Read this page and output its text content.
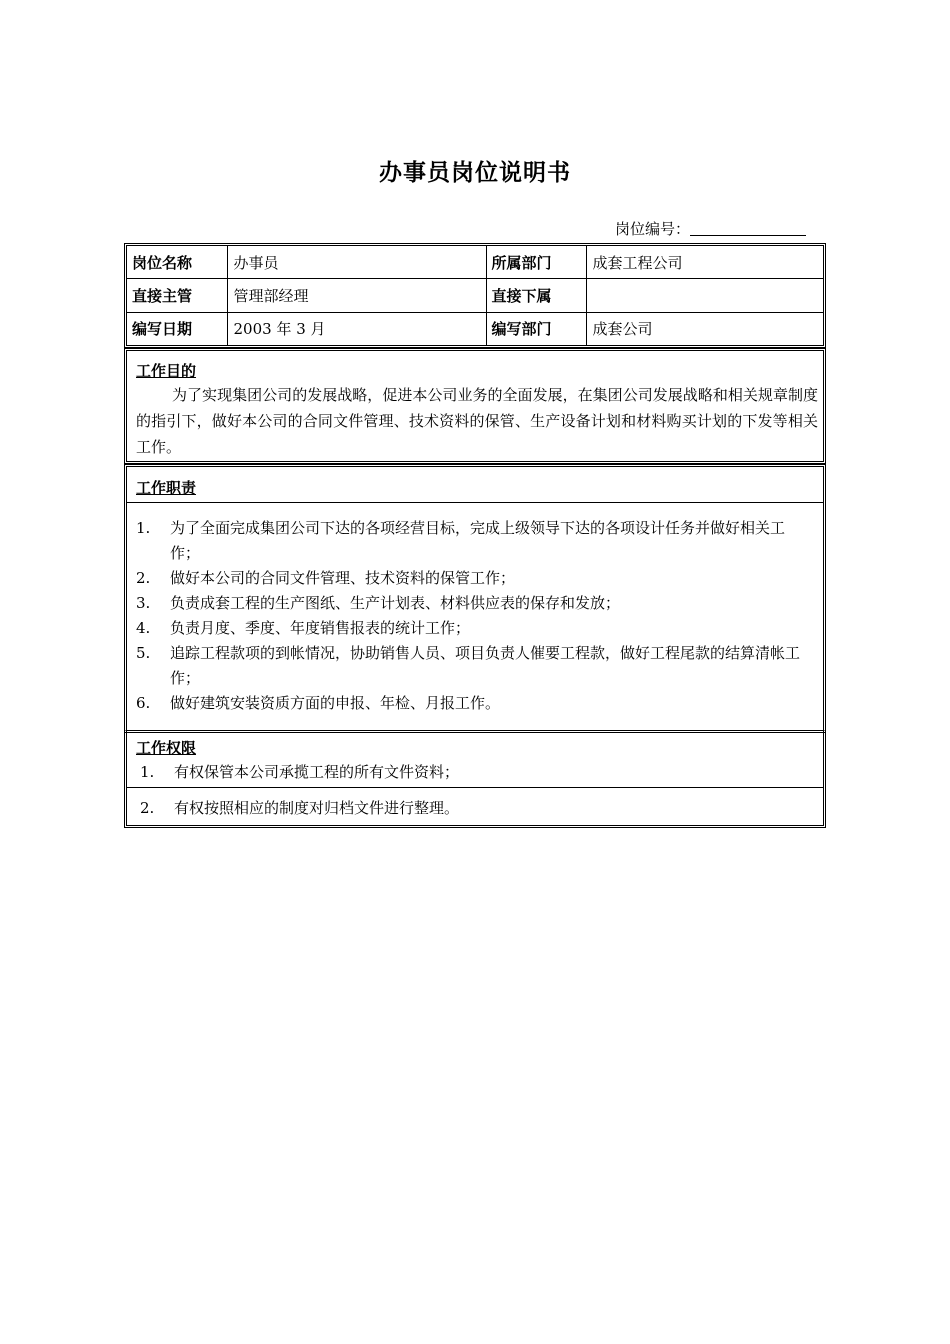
办事员岗位说明书
岗位编号：
岗位名称	办事员	所属部门	成套工程公司
直接主管	管理部经理	直接下属	
编写日期	2003 年 3 月	编写部门	成套公司
工作目的
为了实现集团公司的发展战略，促进本公司业务的全面发展，在集团公司发展战略和相关规章制度的指引下，做好本公司的合同文件管理、技术资料的保管、生产设备计划和材料购买计划的下发等相关工作。
工作职责
1.	为了全面完成集团公司下达的各项经营目标，完成上级领导下达的各项设计任务并做好相关工作；
2.	做好本公司的合同文件管理、技术资料的保管工作；
3.	负责成套工程的生产图纸、生产计划表、材料供应表的保存和发放；
4.	负责月度、季度、年度销售报表的统计工作；
5.	追踪工程款项的到帐情况，协助销售人员、项目负责人催要工程款，做好工程尾款的结算清帐工作；
6.	做好建筑安装资质方面的申报、年检、月报工作。
工作权限
1.	有权保管本公司承揽工程的所有文件资料；
2.	有权按照相应的制度对归档文件进行整理。
